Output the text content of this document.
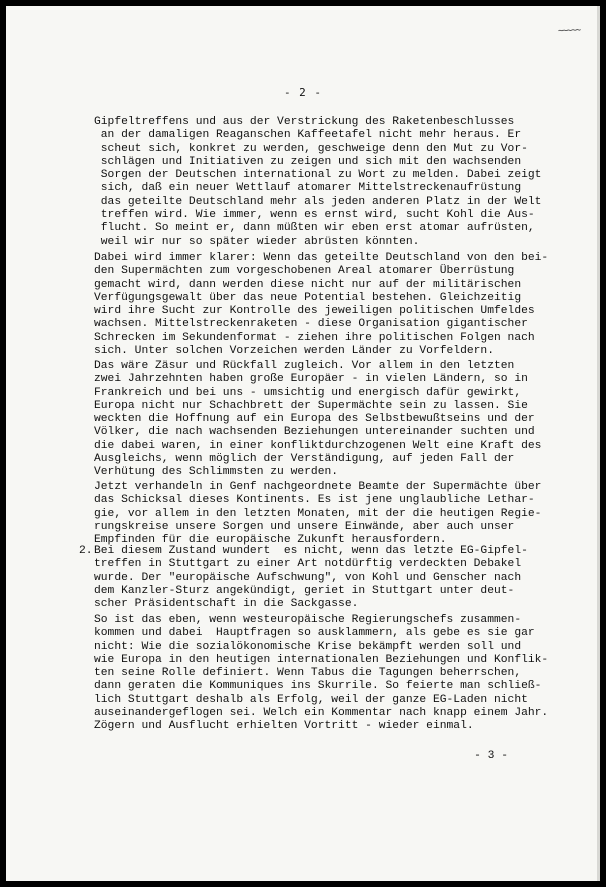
~~~~~
- 2 -

Gipfeltreffens und aus der Verstrickung des Raketenbeschlusses
an der damaligen Reaganschen Kaffeetafel nicht mehr heraus. Er
scheut sich, konkret zu werden, geschweige denn den Mut zu Vor-
schlägen und Initiativen zu zeigen und sich mit den wachsenden
Sorgen der Deutschen international zu Wort zu melden. Dabei zeigt
sich, daß ein neuer Wettlauf atomarer Mittelstreckenaufrüstung
das geteilte Deutschland mehr als jeden anderen Platz in der Welt
treffen wird. Wie immer, wenn es ernst wird, sucht Kohl die Aus-
flucht. So meint er, dann müßten wir eben erst atomar aufrüsten,
weil wir nur so später wieder abrüsten könnten.

Dabei wird immer klarer: Wenn das geteilte Deutschland von den bei-
den Supermächten zum vorgeschobenen Areal atomarer Überrüstung
gemacht wird, dann werden diese nicht nur auf der militärischen
Verfügungsgewalt über das neue Potential bestehen. Gleichzeitig
wird ihre Sucht zur Kontrolle des jeweiligen politischen Umfeldes
wachsen. Mittelstreckenraketen - diese Organisation gigantischer
Schrecken im Sekundenformat - ziehen ihre politischen Folgen nach
sich. Unter solchen Vorzeichen werden Länder zu Vorfeldern.

Das wäre Zäsur und Rückfall zugleich. Vor allem in den letzten
zwei Jahrzehnten haben große Europäer - in vielen Ländern, so in
Frankreich und bei uns - umsichtig und energisch dafür gewirkt,
Europa nicht nur Schachbrett der Supermächte sein zu lassen. Sie
weckten die Hoffnung auf ein Europa des Selbstbewußtseins und der
Völker, die nach wachsenden Beziehungen untereinander suchten und
die dabei waren, in einer konfliktdurchzogenen Welt eine Kraft des
Ausgleichs, wenn möglich der Verständigung, auf jeden Fall der
Verhütung des Schlimmsten zu werden.

Jetzt verhandeln in Genf nachgeordnete Beamte der Supermächte über
das Schicksal dieses Kontinents. Es ist jene unglaubliche Lethar-
gie, vor allem in den letzten Monaten, mit der die heutigen Regie-
rungskreise unsere Sorgen und unsere Einwände, aber auch unser
Empfinden für die europäische Zukunft herausfordern.

2.

Bei diesem Zustand wundert  es nicht, wenn das letzte EG-Gipfel-
treffen in Stuttgart zu einer Art notdürftig verdeckten Debakel
wurde. Der "europäische Aufschwung", von Kohl und Genscher nach
dem Kanzler-Sturz angekündigt, geriet in Stuttgart unter deut-
scher Präsidentschaft in die Sackgasse.

So ist das eben, wenn westeuropäische Regierungschefs zusammen-
kommen und dabei  Hauptfragen so ausklammern, als gebe es sie gar
nicht: Wie die sozialökonomische Krise bekämpft werden soll und
wie Europa in den heutigen internationalen Beziehungen und Konflik-
ten seine Rolle definiert. Wenn Tabus die Tagungen beherrschen,
dann geraten die Kommuniques ins Skurrile. So feierte man schließ-
lich Stuttgart deshalb als Erfolg, weil der ganze EG-Laden nicht
auseinandergeflogen sei. Welch ein Kommentar nach knapp einem Jahr.
Zögern und Ausflucht erhielten Vortritt - wieder einmal.

- 3 -
